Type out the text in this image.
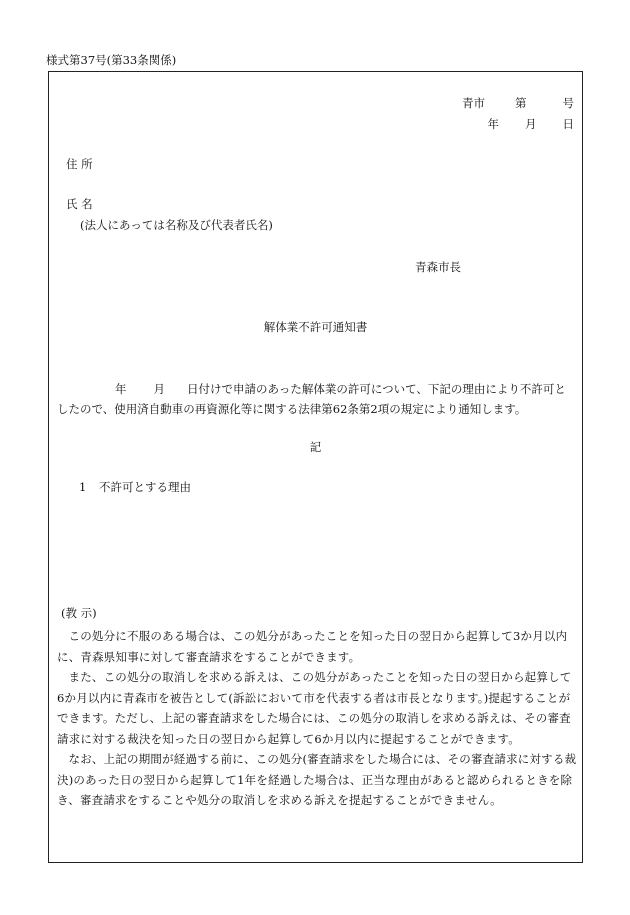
様式第37号(第33条関係)
青市	第	号
年 月 日
住 所
氏 名
(法人にあっては名称及び代表者氏名)
青森市長
解体業不許可通知書
年 月 日付けで申請のあった解体業の許可について、下記の理由により不許可としたので、使用済自動車の再資源化等に関する法律第62条第2項の規定により通知します。
記
1 不許可とする理由
(教 示)

この処分に不服のある場合は、この処分があったことを知った日の翌日から起算して3か月以内に、青森県知事に対して審査請求をすることができます。

また、この処分の取消しを求める訴えは、この処分があったことを知った日の翌日から起算して6か月以内に青森市を被告として(訴訟において市を代表する者は市長となります。)提起することができます。ただし、上記の審査請求をした場合には、この処分の取消しを求める訴えは、その審査請求に対する裁決を知った日の翌日から起算して6か月以内に提起することができます。

なお、上記の期間が経過する前に、この処分(審査請求をした場合には、その審査請求に対する裁決)のあった日の翌日から起算して1年を経過した場合は、正当な理由があると認められるときを除き、審査請求をすることや処分の取消しを求める訴えを提起することができません。
